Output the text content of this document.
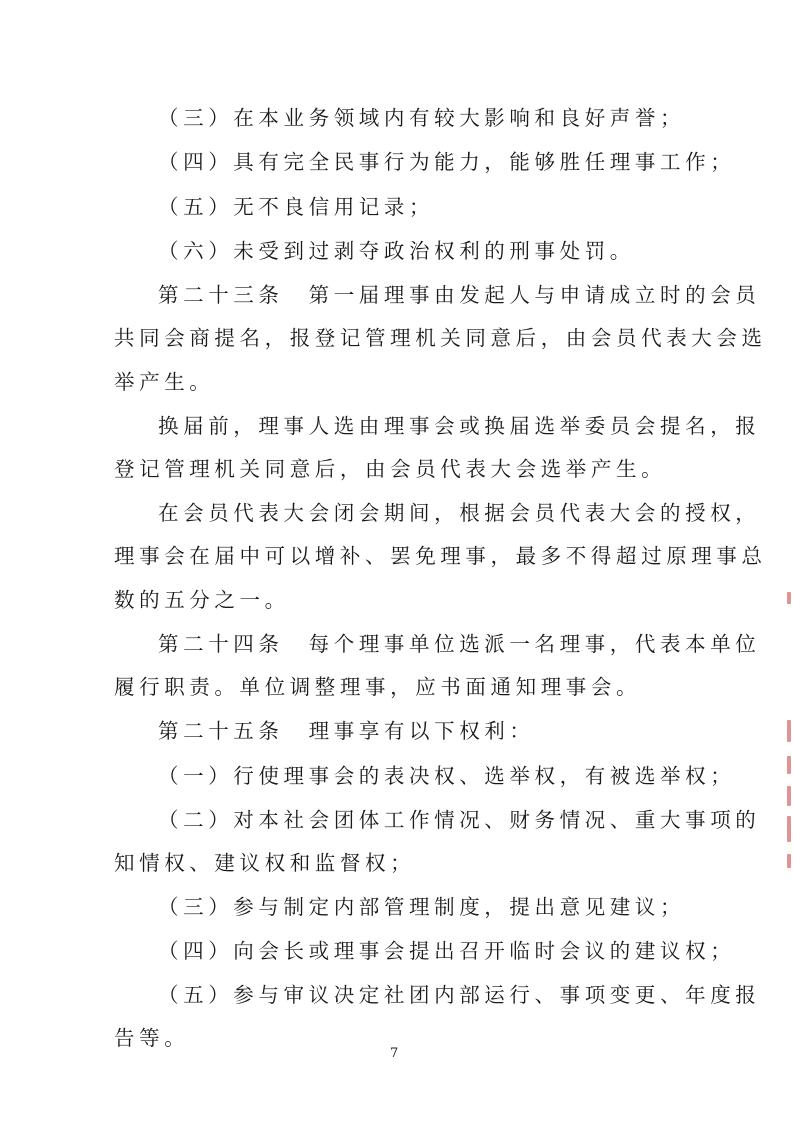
（三）在本业务领域内有较大影响和良好声誉；
（四）具有完全民事行为能力，能够胜任理事工作；
（五）无不良信用记录；
（六）未受到过剥夺政治权利的刑事处罚。
第二十三条　第一届理事由发起人与申请成立时的会员
共同会商提名，报登记管理机关同意后，由会员代表大会选
举产生。
换届前，理事人选由理事会或换届选举委员会提名，报
登记管理机关同意后，由会员代表大会选举产生。
在会员代表大会闭会期间，根据会员代表大会的授权，
理事会在届中可以增补、罢免理事，最多不得超过原理事总
数的五分之一。
第二十四条　每个理事单位选派一名理事，代表本单位
履行职责。单位调整理事，应书面通知理事会。
第二十五条　理事享有以下权利：
（一）行使理事会的表决权、选举权，有被选举权；
（二）对本社会团体工作情况、财务情况、重大事项的
知情权、建议权和监督权；
（三）参与制定内部管理制度，提出意见建议；
（四）向会长或理事会提出召开临时会议的建议权；
（五）参与审议决定社团内部运行、事项变更、年度报
告等。
7
